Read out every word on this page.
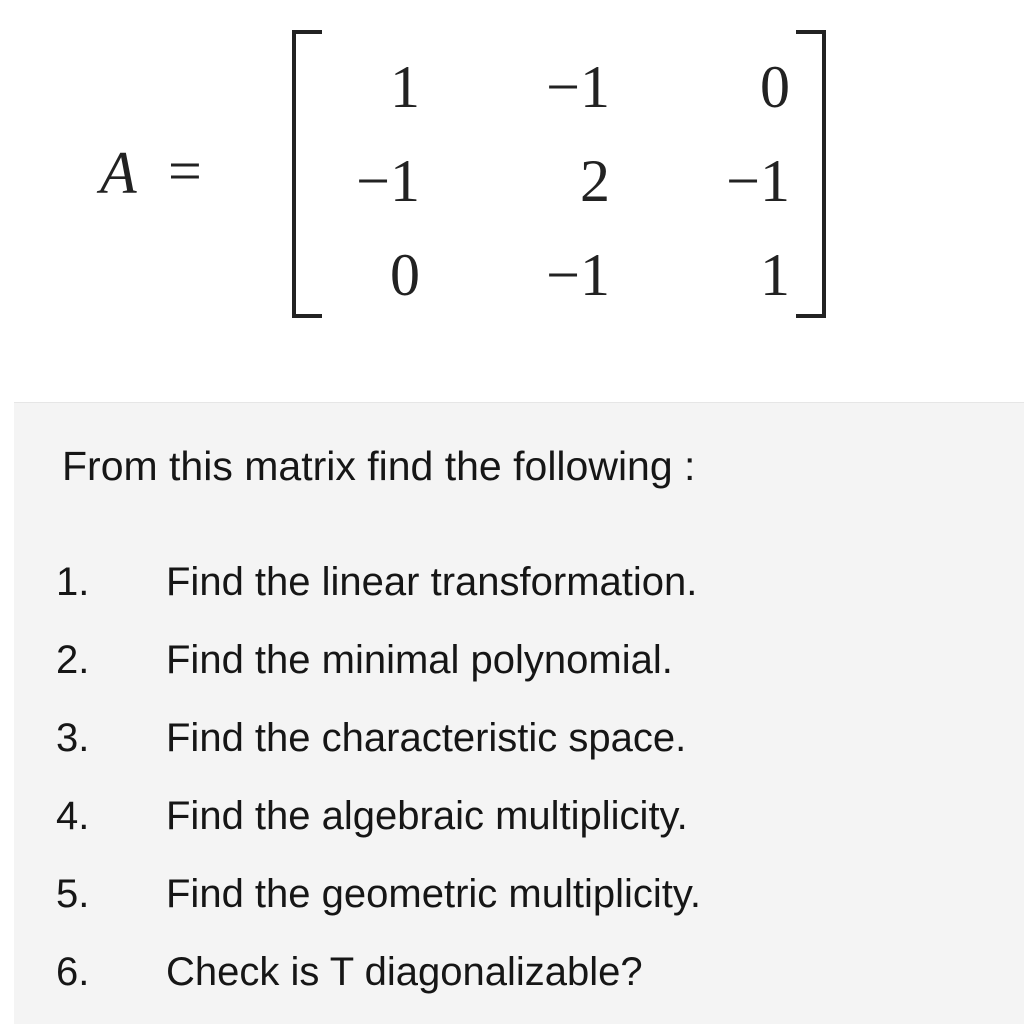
A =
1	−1	0
−1	2	−1
0	−1	1

From this matrix find the following :

1.	Find the linear transformation.
2.	Find the minimal polynomial.
3.	Find the characteristic space.
4.	Find the algebraic multiplicity.
5.	Find the geometric multiplicity.
6.	Check is T diagonalizable?
